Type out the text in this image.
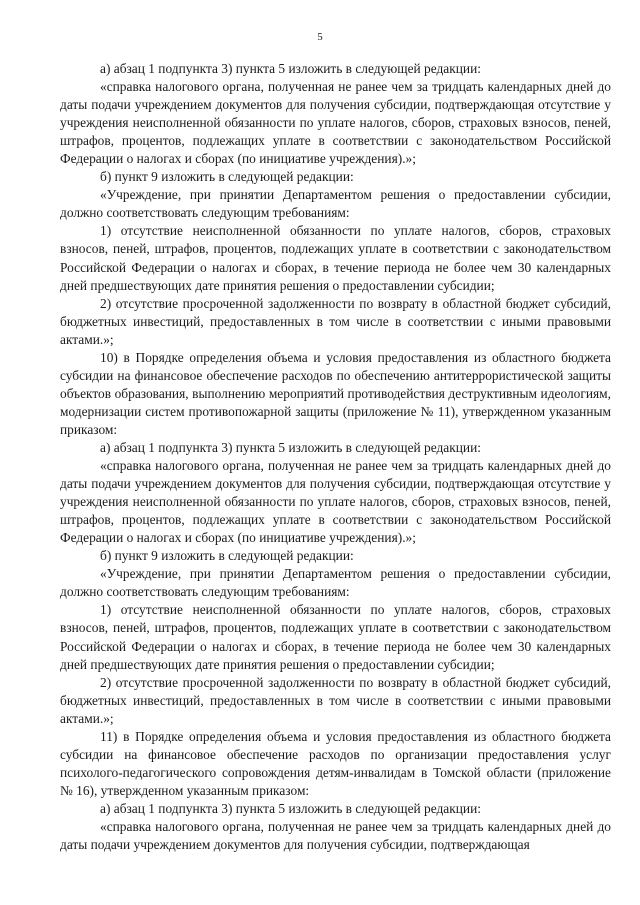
5

а) абзац 1 подпункта 3) пункта 5 изложить в следующей редакции:

«справка налогового органа, полученная не ранее чем за тридцать календарных дней до даты подачи учреждением документов для получения субсидии, подтверждающая отсутствие у учреждения неисполненной обязанности по уплате налогов, сборов, страховых взносов, пеней, штрафов, процентов, подлежащих уплате в соответствии с законодательством Российской Федерации о налогах и сборах (по инициативе учреждения).»;

б) пункт 9 изложить в следующей редакции:

«Учреждение, при принятии Департаментом решения о предоставлении субсидии, должно соответствовать следующим требованиям:

1) отсутствие неисполненной обязанности по уплате налогов, сборов, страховых взносов, пеней, штрафов, процентов, подлежащих уплате в соответствии с законодательством Российской Федерации о налогах и сборах, в течение периода не более чем 30 календарных дней предшествующих дате принятия решения о предоставлении субсидии;

2) отсутствие просроченной задолженности по возврату в областной бюджет субсидий, бюджетных инвестиций, предоставленных в том числе в соответствии с иными правовыми актами.»;

10) в Порядке определения объема и условия предоставления из областного бюджета субсидии на финансовое обеспечение расходов по обеспечению антитеррористической защиты объектов образования, выполнению мероприятий противодействия деструктивным идеологиям, модернизации систем противопожарной защиты (приложение № 11), утвержденном указанным приказом:

а) абзац 1 подпункта 3) пункта 5 изложить в следующей редакции:

«справка налогового органа, полученная не ранее чем за тридцать календарных дней до даты подачи учреждением документов для получения субсидии, подтверждающая отсутствие у учреждения неисполненной обязанности по уплате налогов, сборов, страховых взносов, пеней, штрафов, процентов, подлежащих уплате в соответствии с законодательством Российской Федерации о налогах и сборах (по инициативе учреждения).»;

б) пункт 9 изложить в следующей редакции:

«Учреждение, при принятии Департаментом решения о предоставлении субсидии, должно соответствовать следующим требованиям:

1) отсутствие неисполненной обязанности по уплате налогов, сборов, страховых взносов, пеней, штрафов, процентов, подлежащих уплате в соответствии с законодательством Российской Федерации о налогах и сборах, в течение периода не более чем 30 календарных дней предшествующих дате принятия решения о предоставлении субсидии;

2) отсутствие просроченной задолженности по возврату в областной бюджет субсидий, бюджетных инвестиций, предоставленных в том числе в соответствии с иными правовыми актами.»;

11) в Порядке определения объема и условия предоставления из областного бюджета субсидии на финансовое обеспечение расходов по организации предоставления услуг психолого-педагогического сопровождения детям-инвалидам в Томской области (приложение № 16), утвержденном указанным приказом:

а) абзац 1 подпункта 3) пункта 5 изложить в следующей редакции:

«справка налогового органа, полученная не ранее чем за тридцать календарных дней до даты подачи учреждением документов для получения субсидии, подтверждающая
